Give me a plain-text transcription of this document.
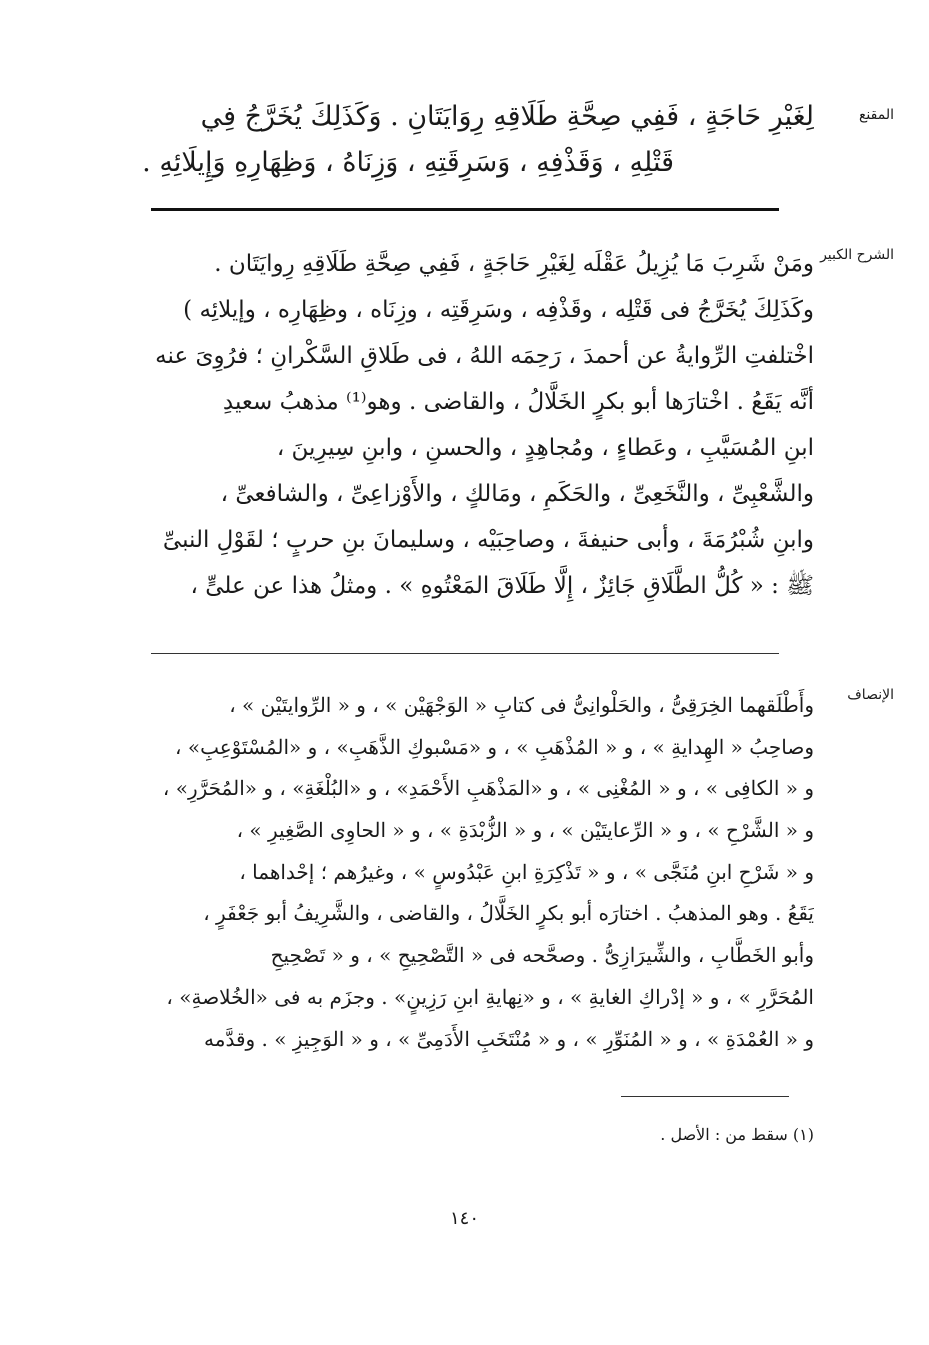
المقنع
لِغَيْرِ حَاجَةٍ ، فَفِي صِحَّةِ طَلَاقِهِ رِوَايَتَانِ . وَكَذَلِكَ يُخَرَّجُ فِي
قَتْلِهِ ، وَقَذْفِهِ ، وَسَرِقَتِهِ ، وَزِنَاهُ ، وَظِهَارِهِ وَإِيلَائِهِ .
الشرح الكبير
ومَنْ شَرِبَ مَا يُزِيلُ عَقْلَه لِغَيْرِ حَاجَةٍ ، فَفِي صِحَّةِ طَلَاقِهِ رِوايَتَان .
وكَذَلِكَ يُخَرَّجُ فى قَتْلِه ، وقَذْفِه ، وسَرِقَتِه ، وزِنَاه ، وظِهَارِه ، وإيلائِه )
اخْتلفتِ الرِّوايةُ عن أحمدَ ، رَحِمَه اللهُ ، فى طَلاقِ السَّكْرانِ ؛ فرُوِىَ عنه
أنَّه يَقَعُ . اخْتارَها أبو بكرٍ الخَلَّالُ ، والقاضى . وهو⁽¹⁾ مذهبُ سعيدِ
ابنِ المُسَيَّبِ ، وعَطاءٍ ، ومُجاهِدٍ ، والحسنِ ، وابنِ سِيرِينَ ،
والشَّعْبِىِّ ، والنَّخَعِىِّ ، والحَكَمِ ، ومَالكٍ ، والأَوْزاعِىِّ ، والشافعىِّ ،
وابنِ شُبْرُمَةَ ، وأبى حنيفةَ ، وصاحِبَيْه ، وسليمانَ بنِ حربٍ ؛ لقَوْلِ النبىِّ
ﷺ : « كُلُّ الطَّلَاقِ جَائِزٌ ، إِلَّا طَلَاقَ المَعْتُوهِ » . ومثلُ هذا عن علىٍّ ،
الإنصاف
وأَطْلَقهما الخِرَقِىُّ ، والحَلْوانِىُّ فى كتابِ « الوَجْهَيْن » ، و « الرِّوايتَيْن » ،
وصاحِبُ « الهِدايةِ » ، و « المُذْهَبِ » ، و «مَسْبوكِ الذَّهَبِ» ، و «المُسْتَوْعِبِ» ،
و « الكافِى » ، و « المُغْنِى » ، و «المَذْهَبِ الأَحْمَدِ» ، و «البُلْغَةِ» ، و «المُحَرَّرِ» ،
و « الشَّرْحِ » ، و « الرِّعايتَيْن » ، و « الزُّبْدَةِ » ، و « الحاوِى الصَّغِيرِ » ،
و « شَرْحِ ابنِ مُنَجَّى » ، و « تَذْكِرَةِ ابنِ عَبْدُوسٍ » ، وغيرُهم ؛ إحْداهما ،
يَقَعُ . وهو المذهبُ . اختارَه أبو بكرٍ الخَلَّالُ ، والقاضى ، والشَّرِيفُ أبو جَعْفَرٍ ،
وأبو الخَطَّابِ ، والشِّيرَازِىُّ . وصحَّحه فى « التَّصْحِيحِ » ، و « تَصْحِيحِ
المُحَرَّرِ » ، و « إدْراكِ الغايةِ » ، و «نِهايةِ ابنِ رَزِينٍ» . وجزَم به فى «الخُلاصةِ» ،
و « العُمْدَةِ » ، و « المُنَوِّرِ » ، و « مُنْتَخَبِ الأَدَمِىِّ » ، و « الوَجِيزِ » . وقدَّمه
(١) سقط من : الأصل .
١٤٠
